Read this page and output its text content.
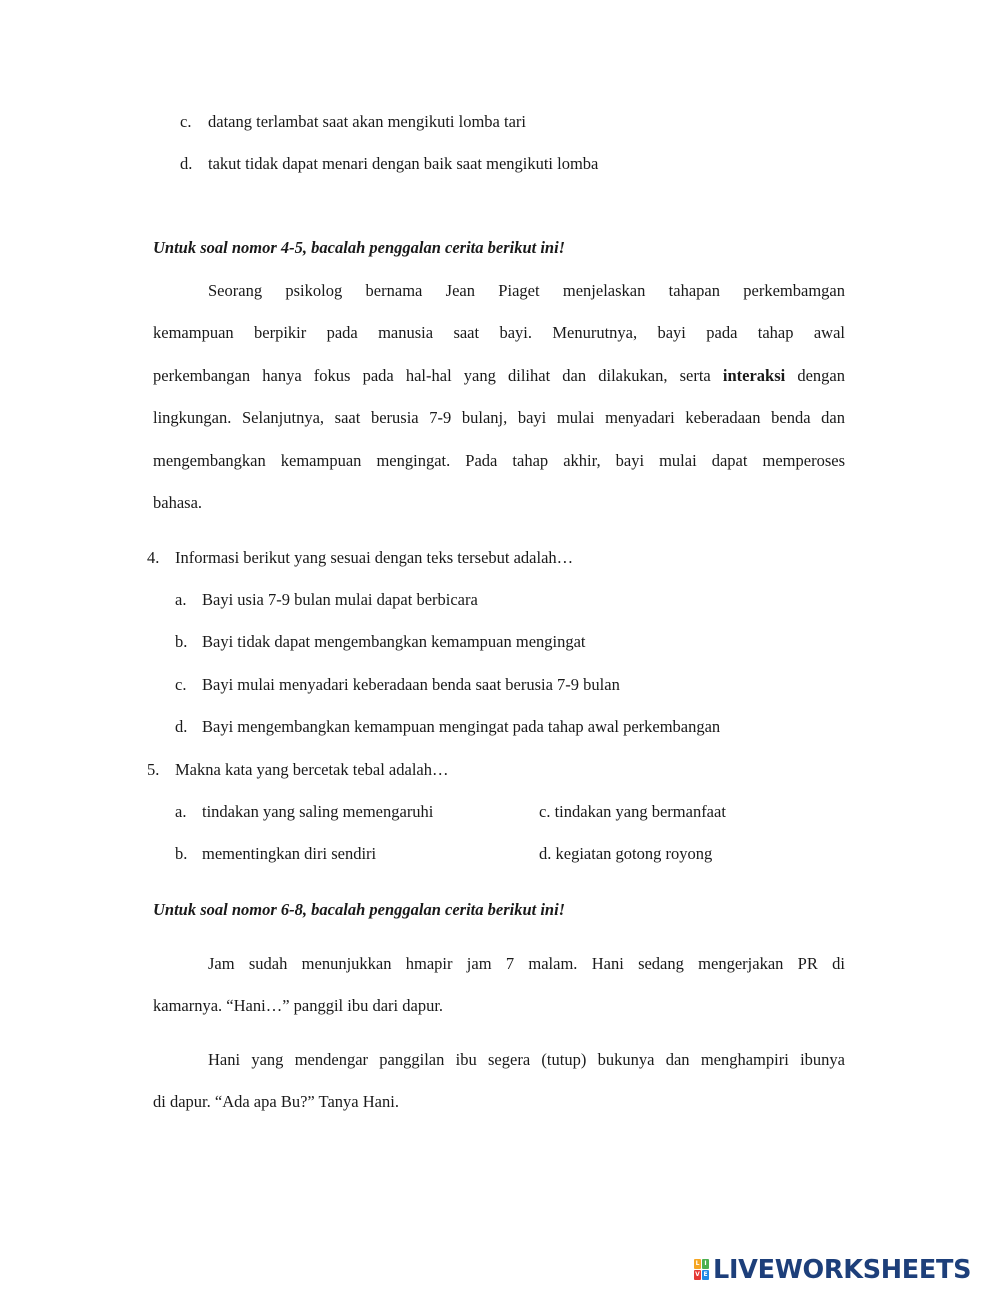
c. datang terlambat saat akan mengikuti lomba tari
d. takut tidak dapat menari dengan baik saat mengikuti lomba
Untuk soal nomor 4-5, bacalah penggalan cerita berikut ini!
Seorang psikolog bernama Jean Piaget menjelaskan tahapan perkembamgan
kemampuan berpikir pada manusia saat bayi. Menurutnya, bayi pada tahap awal
perkembangan hanya fokus pada hal-hal yang dilihat dan dilakukan, serta interaksi dengan
lingkungan. Selanjutnya, saat berusia 7-9 bulanj, bayi mulai menyadari keberadaan benda dan
mengembangkan kemampuan mengingat. Pada tahap akhir, bayi mulai dapat memperoses
bahasa.
4. Informasi berikut yang sesuai dengan teks tersebut adalah…
a. Bayi usia 7-9 bulan mulai dapat berbicara
b. Bayi tidak dapat mengembangkan kemampuan mengingat
c. Bayi mulai menyadari keberadaan benda saat berusia 7-9 bulan
d. Bayi mengembangkan kemampuan mengingat pada tahap awal perkembangan
5. Makna kata yang bercetak tebal adalah…
a. tindakan yang saling memengaruhi	c. tindakan yang bermanfaat
b. mementingkan diri sendiri	d. kegiatan gotong royong
Untuk soal nomor 6-8, bacalah penggalan cerita berikut ini!
Jam sudah menunjukkan hmapir jam 7 malam. Hani sedang mengerjakan PR di
kamarnya. “Hani…” panggil ibu dari dapur.
Hani yang mendengar panggilan ibu segera (tutup) bukunya dan menghampiri ibunya
di dapur. “Ada apa Bu?” Tanya Hani.
L I
V E LIVEWORKSHEETS
